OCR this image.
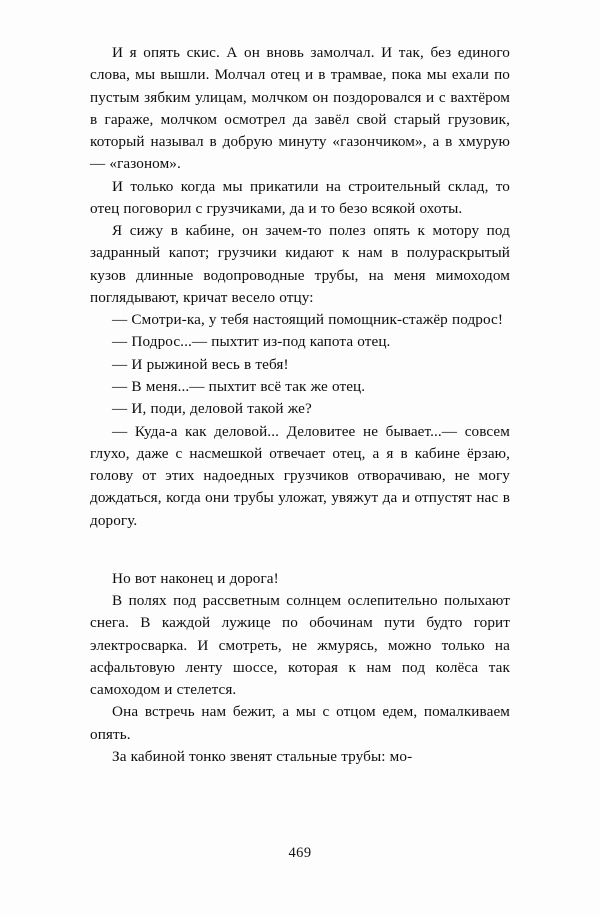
И я опять скис. А он вновь замолчал. И так, без единого слова, мы вышли. Молчал отец и в трамвае, пока мы ехали по пустым зябким улицам, молчком он поздоровался и с вахтёром в гараже, молчком осмотрел да завёл свой старый грузовик, который называл в добрую минуту «газончиком», а в хмурую — «газоном».

И только когда мы прикатили на строительный склад, то отец поговорил с грузчиками, да и то безо всякой охоты.

Я сижу в кабине, он зачем-то полез опять к мотору под задранный капот; грузчики кидают к нам в полураскрытый кузов длинные водопроводные трубы, на меня мимоходом поглядывают, кричат весело отцу:

— Смотри-ка, у тебя настоящий помощник-стажёр подрос!

— Подрос...— пыхтит из-под капота отец.

— И рыжиной весь в тебя!

— В меня...— пыхтит всё так же отец.

— И, поди, деловой такой же?

— Куда-а как деловой... Деловитее не бывает...— совсем глухо, даже с насмешкой отвечает отец, а я в кабине ёрзаю, голову от этих надоедных грузчиков отворачиваю, не могу дождаться, когда они трубы уложат, увяжут да и отпустят нас в дорогу.

Но вот наконец и дорога!

В полях под рассветным солнцем ослепительно полыхают снега. В каждой лужице по обочинам пути будто горит электросварка. И смотреть, не жмурясь, можно только на асфальтовую ленту шоссе, которая к нам под колёса так самоходом и стелется.

Она встречь нам бежит, а мы с отцом едем, помалкиваем опять.

За кабиной тонко звенят стальные трубы: мо-

469
